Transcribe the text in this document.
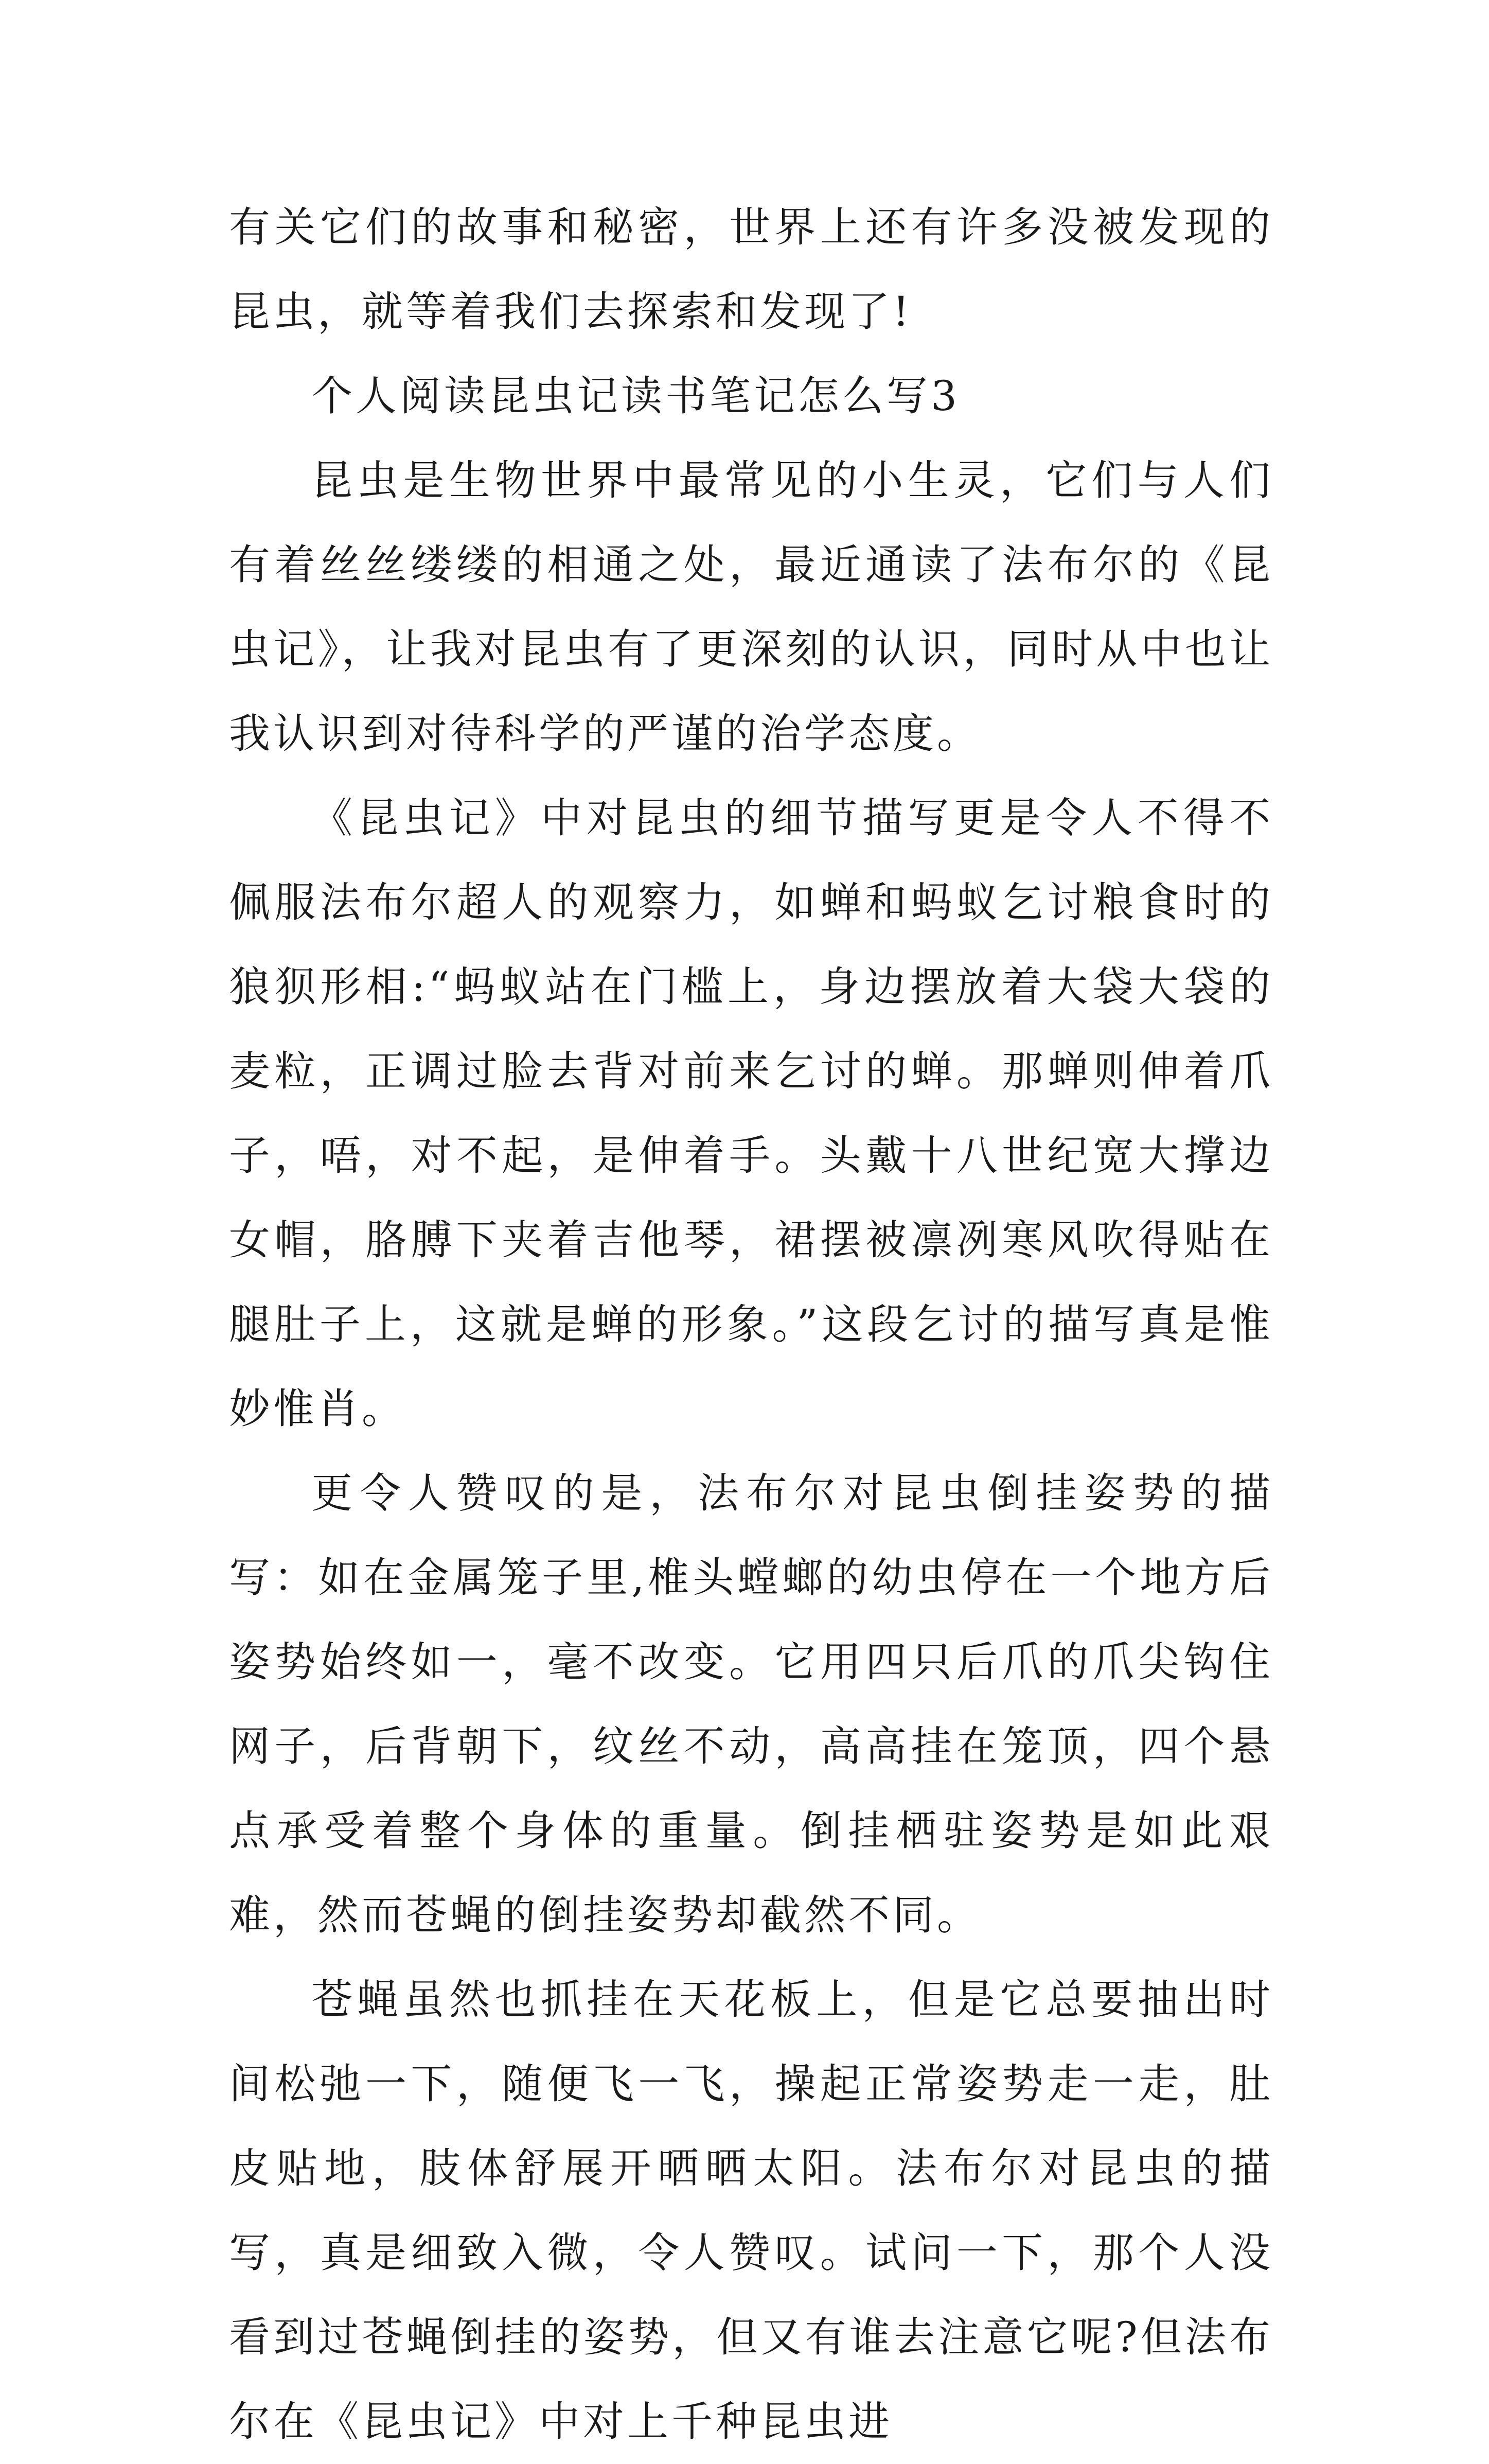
有关它们的故事和秘密，世界上还有许多没被发现的昆虫，就等着我们去探索和发现了!

个人阅读昆虫记读书笔记怎么写3

昆虫是生物世界中最常见的小生灵，它们与人们有着丝丝缕缕的相通之处，最近通读了法布尔的《昆虫记》，让我对昆虫有了更深刻的认识，同时从中也让我认识到对待科学的严谨的治学态度。

《昆虫记》中对昆虫的细节描写更是令人不得不佩服法布尔超人的观察力，如蝉和蚂蚁乞讨粮食时的狼狈形相:“蚂蚁站在门槛上，身边摆放着大袋大袋的麦粒，正调过脸去背对前来乞讨的蝉。那蝉则伸着爪子，唔，对不起，是伸着手。头戴十八世纪宽大撑边女帽，胳膊下夹着吉他琴，裙摆被凛冽寒风吹得贴在腿肚子上，这就是蝉的形象。”这段乞讨的描写真是惟妙惟肖。

更令人赞叹的是，法布尔对昆虫倒挂姿势的描写：如在金属笼子里,椎头螳螂的幼虫停在一个地方后姿势始终如一，毫不改变。它用四只后爪的爪尖钩住网子，后背朝下，纹丝不动，高高挂在笼顶，四个悬点承受着整个身体的重量。倒挂栖驻姿势是如此艰难，然而苍蝇的倒挂姿势却截然不同。

苍蝇虽然也抓挂在天花板上，但是它总要抽出时间松弛一下，随便飞一飞，操起正常姿势走一走，肚皮贴地，肢体舒展开晒晒太阳。法布尔对昆虫的描写，真是细致入微，令人赞叹。试问一下，那个人没看到过苍蝇倒挂的姿势，但又有谁去注意它呢?但法布尔在《昆虫记》中对上千种昆虫进
